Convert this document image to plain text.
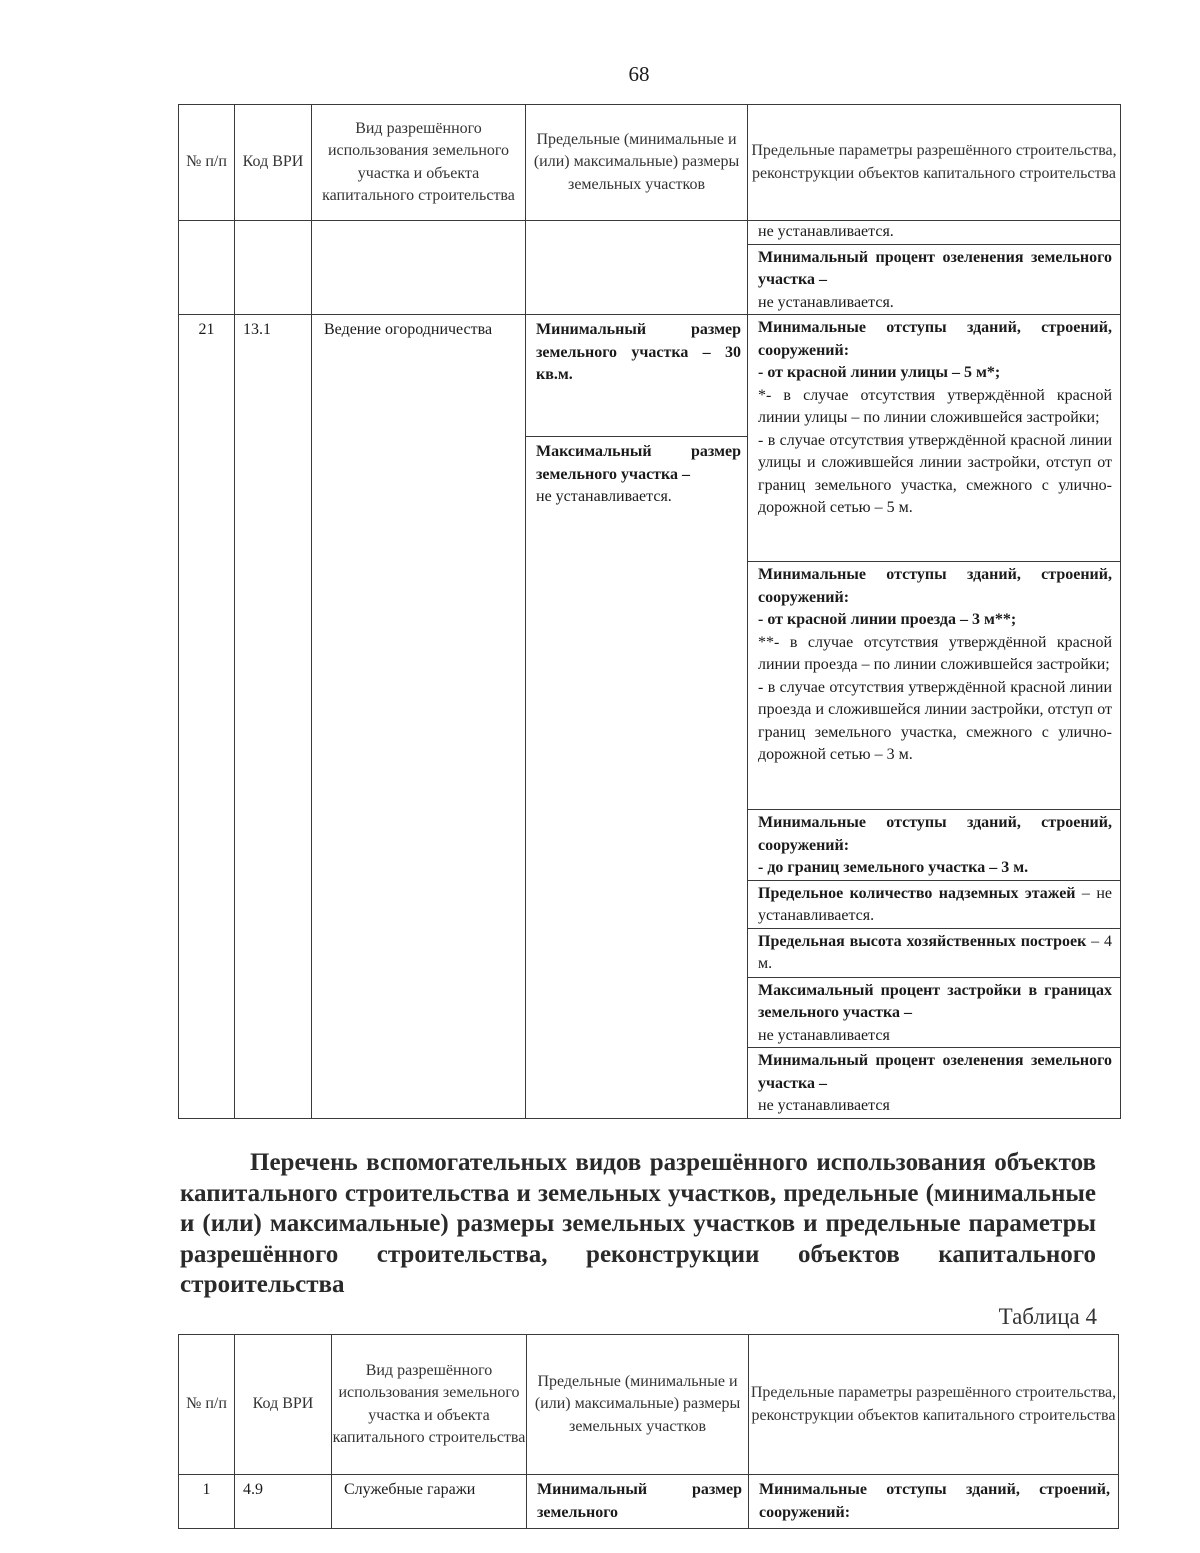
68
№ п/п	Код ВРИ	Вид разрешённого использования земельного участка и объекта капитального строительства	Предельные (минимальные и (или) максимальные) размеры земельных участков	Предельные параметры разрешённого строительства, реконструкции объектов капитального строительства

				не устанавливается.

				Минимальный процент озеленения земельного участка –
не устанавливается.

21	13.1	Ведение огородничества	Минимальный размер земельного участка – 30 кв.м.	Минимальные отступы зданий, строений, сооружений:
- от красной линии улицы – 5 м*;
*- в случае отсутствия утверждённой красной линии улицы – по линии сложившейся застройки;
- в случае отсутствия утверждённой красной линии улицы и сложившейся линии застройки, отступ от границ земельного участка, смежного с улично-дорожной сетью – 5 м.

			Максимальный размер земельного участка –
не устанавливается.	

				Минимальные отступы зданий, строений, сооружений:
- от красной линии проезда – 3 м**;
**- в случае отсутствия утверждённой красной линии проезда – по линии сложившейся застройки;
- в случае отсутствия утверждённой красной линии проезда и сложившейся линии застройки, отступ от границ земельного участка, смежного с улично-дорожной сетью – 3 м.

				Минимальные отступы зданий, строений, сооружений:
- до границ земельного участка – 3 м.

				Предельное количество надземных этажей – не устанавливается.

				Предельная высота хозяйственных построек – 4 м.

				Максимальный процент застройки в границах земельного участка –
не устанавливается

				Минимальный процент озеленения земельного участка –
не устанавливается
Перечень вспомогательных видов разрешённого использования объектов капитального строительства и земельных участков, предельные (минимальные и (или) максимальные) размеры земельных участков и предельные параметры разрешённого строительства, реконструкции объектов капитального строительства
Таблица 4
№ п/п	Код ВРИ	Вид разрешённого использования земельного участка и объекта капитального строительства	Предельные (минимальные и (или) максимальные) размеры земельных участков	Предельные параметры разрешённого строительства, реконструкции объектов капитального строительства
1	4.9	Служебные гаражи	Минимальный размер земельного	Минимальные отступы зданий, строений, сооружений:
